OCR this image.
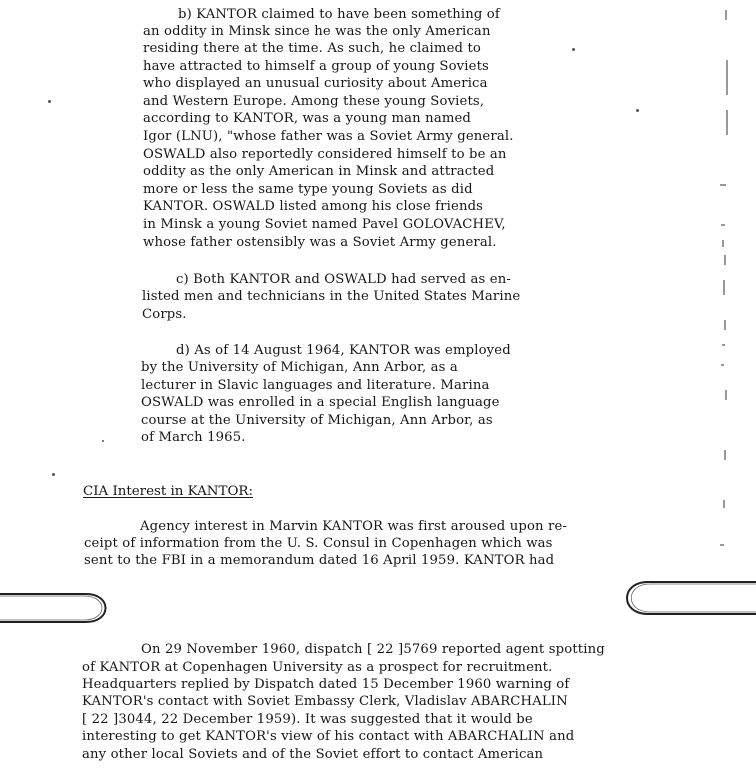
b) KANTOR claimed to have been something of

an oddity in Minsk since he was the only American

residing there at the time. As such, he claimed to

have attracted to himself a group of young Soviets

who displayed an unusual curiosity about America

and Western Europe. Among these young Soviets,

according to KANTOR, was a young man named

Igor (LNU), "whose father was a Soviet Army general.

OSWALD also reportedly considered himself to be an

oddity as the only American in Minsk and attracted

more or less the same type young Soviets as did

KANTOR. OSWALD listed among his close friends

in Minsk a young Soviet named Pavel GOLOVACHEV,

whose father ostensibly was a Soviet Army general.

c) Both KANTOR and OSWALD had served as en-

listed men and technicians in the United States Marine

Corps.

d) As of 14 August 1964, KANTOR was employed

by the University of Michigan, Ann Arbor, as a

lecturer in Slavic languages and literature. Marina

OSWALD was enrolled in a special English language

course at the University of Michigan, Ann Arbor, as

of March 1965.

CIA Interest in KANTOR:

Agency interest in Marvin KANTOR was first aroused upon re-

ceipt of information from the U. S. Consul in Copenhagen which was

sent to the FBI in a memorandum dated 16 April 1959. KANTOR had

On 29 November 1960, dispatch [ 22 ]5769 reported agent spotting

of KANTOR at Copenhagen University as a prospect for recruitment.

Headquarters replied by Dispatch dated 15 December 1960 warning of

KANTOR's contact with Soviet Embassy Clerk, Vladislav ABARCHALIN

[ 22 ]3044, 22 December 1959). It was suggested that it would be

interesting to get KANTOR's view of his contact with ABARCHALIN and

any other local Soviets and of the Soviet effort to contact American
